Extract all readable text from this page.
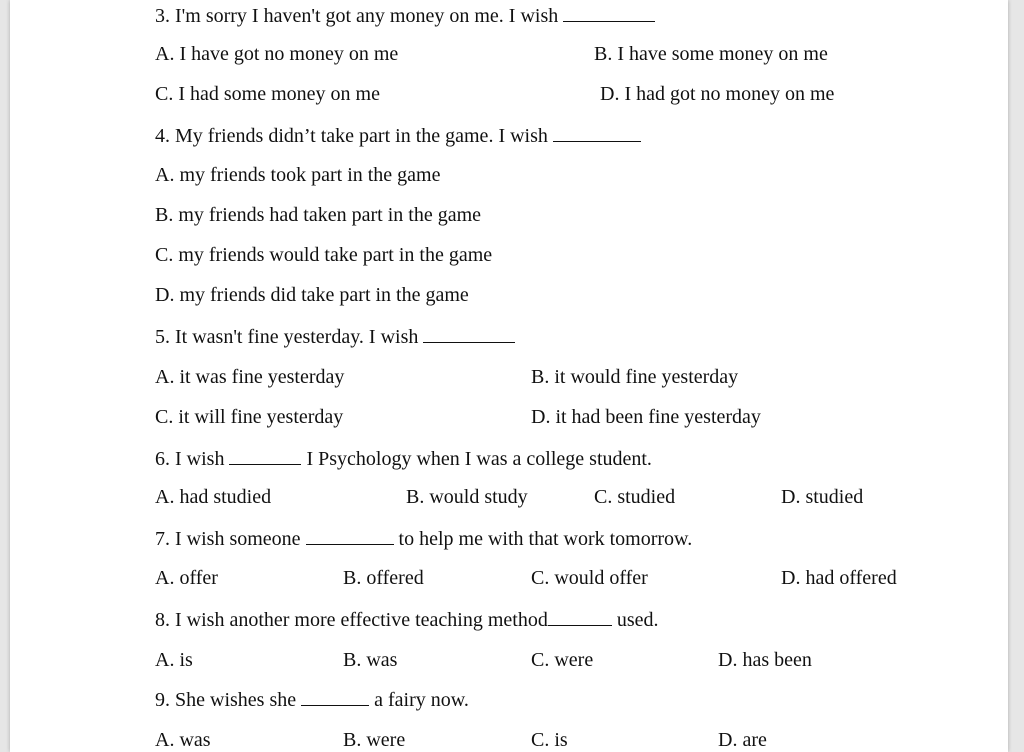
3. I'm sorry I haven't got any money on me. I wish
A. I have got no money on me	B. I have some money on me
C. I had some money on me	D. I had got no money on me
4. My friends didn’t take part in the game. I wish
A. my friends took part in the game
B. my friends had taken part in the game
C. my friends would take part in the game
D. my friends did take part in the game
5. It wasn't fine yesterday. I wish
A. it was fine yesterday	B. it would fine yesterday
C. it will fine yesterday	D. it had been fine yesterday
6. I wish	I Psychology when I was a college student.
A. had studied	B. would study	C. studied	D. studied
7. I wish someone	to help me with that work tomorrow.
A. offer	B. offered	C. would offer	D. had offered
8. I wish another more effective teaching method	used.
A. is	B. was	C. were	D. has been
9. She wishes she	a fairy now.
A. was	B. were	C. is	D. are
